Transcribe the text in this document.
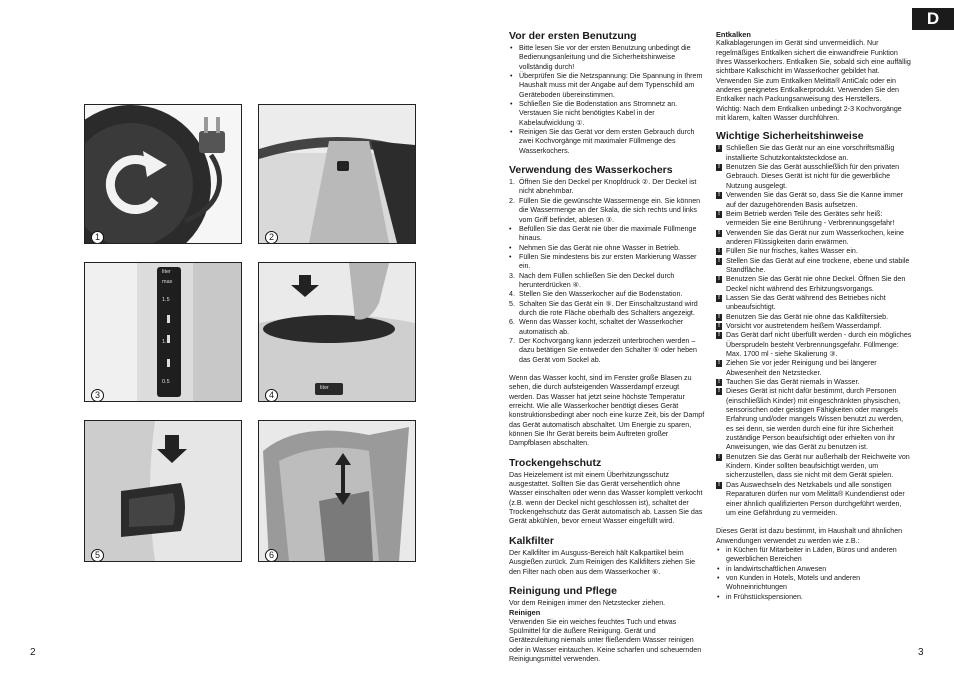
1	2
liter
max
1.5
1.0
0.5
3
liter
4
5	6
2	3
D
Vor der ersten Benutzung
• Bitte lesen Sie vor der ersten Benutzung unbedingt die Bedienungsanleitung und die Sicherheitshinweise vollständig durch!
• Überprüfen Sie die Netzspannung: Die Spannung in Ihrem Haushalt muss mit der Angabe auf dem Typenschild am Geräteboden übereinstimmen.
• Schließen Sie die Bodenstation ans Stromnetz an. Verstauen Sie nicht benötigtes Kabel in der Kabelaufwicklung ①.
• Reinigen Sie das Gerät vor dem ersten Gebrauch durch zwei Kochvorgänge mit maximaler Füllmenge des Wasserkochers.
Verwendung des Wasserkochers
1. Öffnen Sie den Deckel per Knopfdruck ②. Der Deckel ist nicht abnehmbar.
2. Füllen Sie die gewünschte Wassermenge ein. Sie können die Wassermenge an der Skala, die sich rechts und links vom Griff befindet, ablesen ③.
• Befüllen Sie das Gerät nie über die maximale Füllmenge hinaus.
• Nehmen Sie das Gerät nie ohne Wasser in Betrieb.
• Füllen Sie mindestens bis zur ersten Markierung Wasser ein.
3. Nach dem Füllen schließen Sie den Deckel durch herunterdrücken ④.
4. Stellen Sie den Wasserkocher auf die Bodenstation.
5. Schalten Sie das Gerät ein ⑤. Der Einschaltzustand wird durch die rote Fläche oberhalb des Schalters angezeigt.
6. Wenn das Wasser kocht, schaltet der Wasserkocher automatisch ab.
7. Der Kochvorgang kann jederzeit unterbrochen werden – dazu betätigen Sie entweder den Schalter ⑤ oder heben das Gerät vom Sockel ab.

Wenn das Wasser kocht, sind im Fenster große Blasen zu sehen, die durch aufsteigenden Wasserdampf erzeugt werden. Das Wasser hat jetzt seine höchste Temperatur erreicht. Wie alle Wasserkocher benötigt dieses Gerät konstruktionsbedingt aber noch eine kurze Zeit, bis der Dampf das Gerät automatisch abschaltet. Um Energie zu sparen, können Sie Ihr Gerät bereits beim Auftreten großer Dampfblasen abschalten.

Trockengehschutz

Das Heizelement ist mit einem Überhitzungsschutz ausgestattet. Sollten Sie das Gerät versehentlich ohne Wasser einschalten oder wenn das Wasser komplett verkocht (z.B. wenn der Deckel nicht geschlossen ist), schaltet der Trockengehschutz das Gerät automatisch ab. Lassen Sie das Gerät abkühlen, bevor erneut Wasser eingefüllt wird.

Kalkfilter

Der Kalkfilter im Ausguss-Bereich hält Kalkpartikel beim Ausgießen zurück. Zum Reinigen des Kalkfilters ziehen Sie den Filter nach oben aus dem Wasserkocher ⑥.

Reinigung und Pflege

Vor dem Reinigen immer den Netzstecker ziehen.

Reinigen

Verwenden Sie ein weiches feuchtes Tuch und etwas Spülmittel für die äußere Reinigung. Gerät und Gerätezuleitung niemals unter fließendem Wasser reinigen oder in Wasser eintauchen. Keine scharfen und scheuernden Reinigungsmittel verwenden.

Entkalken

Kalkablagerungen im Gerät sind unvermeidlich. Nur regelmäßiges Entkalken sichert die einwandfreie Funktion Ihres Wasserkochers. Entkalken Sie, sobald sich eine auffällig sichtbare Kalkschicht im Wasserkocher gebildet hat. Verwenden Sie zum Entkalken Melitta® AntiCalc oder ein anderes geeignetes Entkalkerprodukt. Verwenden Sie den Entkalker nach Packungsanweisung des Herstellers.

Wichtig: Nach dem Entkalken unbedingt 2-3 Kochvorgänge mit klarem, kalten Wasser durchführen.

Wichtige Sicherheitshinweise
! Schließen Sie das Gerät nur an eine vorschriftsmäßig installierte Schutzkontaktsteckdose an.
! Benutzen Sie das Gerät ausschließlich für den privaten Gebrauch. Dieses Gerät ist nicht für die gewerbliche Nutzung ausgelegt.
! Verwenden Sie das Gerät so, dass Sie die Kanne immer auf der dazugehörenden Basis aufsetzen.
! Beim Betrieb werden Teile des Gerätes sehr heiß: vermeiden Sie eine Berührung - Verbrennungsgefahr!
! Verwenden Sie das Gerät nur zum Wasserkochen, keine anderen Flüssigkeiten darin erwärmen.
! Füllen Sie nur frisches, kaltes Wasser ein.
! Stellen Sie das Gerät auf eine trockene, ebene und stabile Standfläche.
! Benutzen Sie das Gerät nie ohne Deckel. Öffnen Sie den Deckel nicht während des Erhitzungsvorgangs.
! Lassen Sie das Gerät während des Betriebes nicht unbeaufsichtigt.
! Benutzen Sie das Gerät nie ohne das Kalkfiltersieb.
! Vorsicht vor austretendem heißem Wasserdampf.
! Das Gerät darf nicht überfüllt werden - durch ein mögliches Übersprudeln besteht Verbrennungsgefahr. Füllmenge: Max. 1700 ml - siehe Skalierung ③.
! Ziehen Sie vor jeder Reinigung und bei längerer Abwesenheit den Netzstecker.
! Tauchen Sie das Gerät niemals in Wasser.
! Dieses Gerät ist nicht dafür bestimmt, durch Personen (einschließlich Kinder) mit eingeschränkten physischen, sensorischen oder geistigen Fähigkeiten oder mangels Erfahrung und/oder mangels Wissen benutzt zu werden, es sei denn, sie werden durch eine für ihre Sicherheit zuständige Person beaufsichtigt oder erhielten von ihr Anweisungen, wie das Gerät zu benutzen ist.
! Benutzen Sie das Gerät nur außerhalb der Reichweite von Kindern. Kinder sollten beaufsichtigt werden, um sicherzustellen, dass sie nicht mit dem Gerät spielen.
! Das Auswechseln des Netzkabels und alle sonstigen Reparaturen dürfen nur vom Melitta® Kundendienst oder einer ähnlich qualifizierten Person durchgeführt werden, um eine Gefährdung zu vermeiden.

Dieses Gerät ist dazu bestimmt, im Haushalt und ähnlichen Anwendungen verwendet zu werden wie z.B.:

• in Küchen für Mitarbeiter in Läden, Büros und anderen gewerblichen Bereichen
• in landwirtschaftlichen Anwesen
• von Kunden in Hotels, Motels und anderen Wohneinrichtungen
• in Frühstückspensionen.
